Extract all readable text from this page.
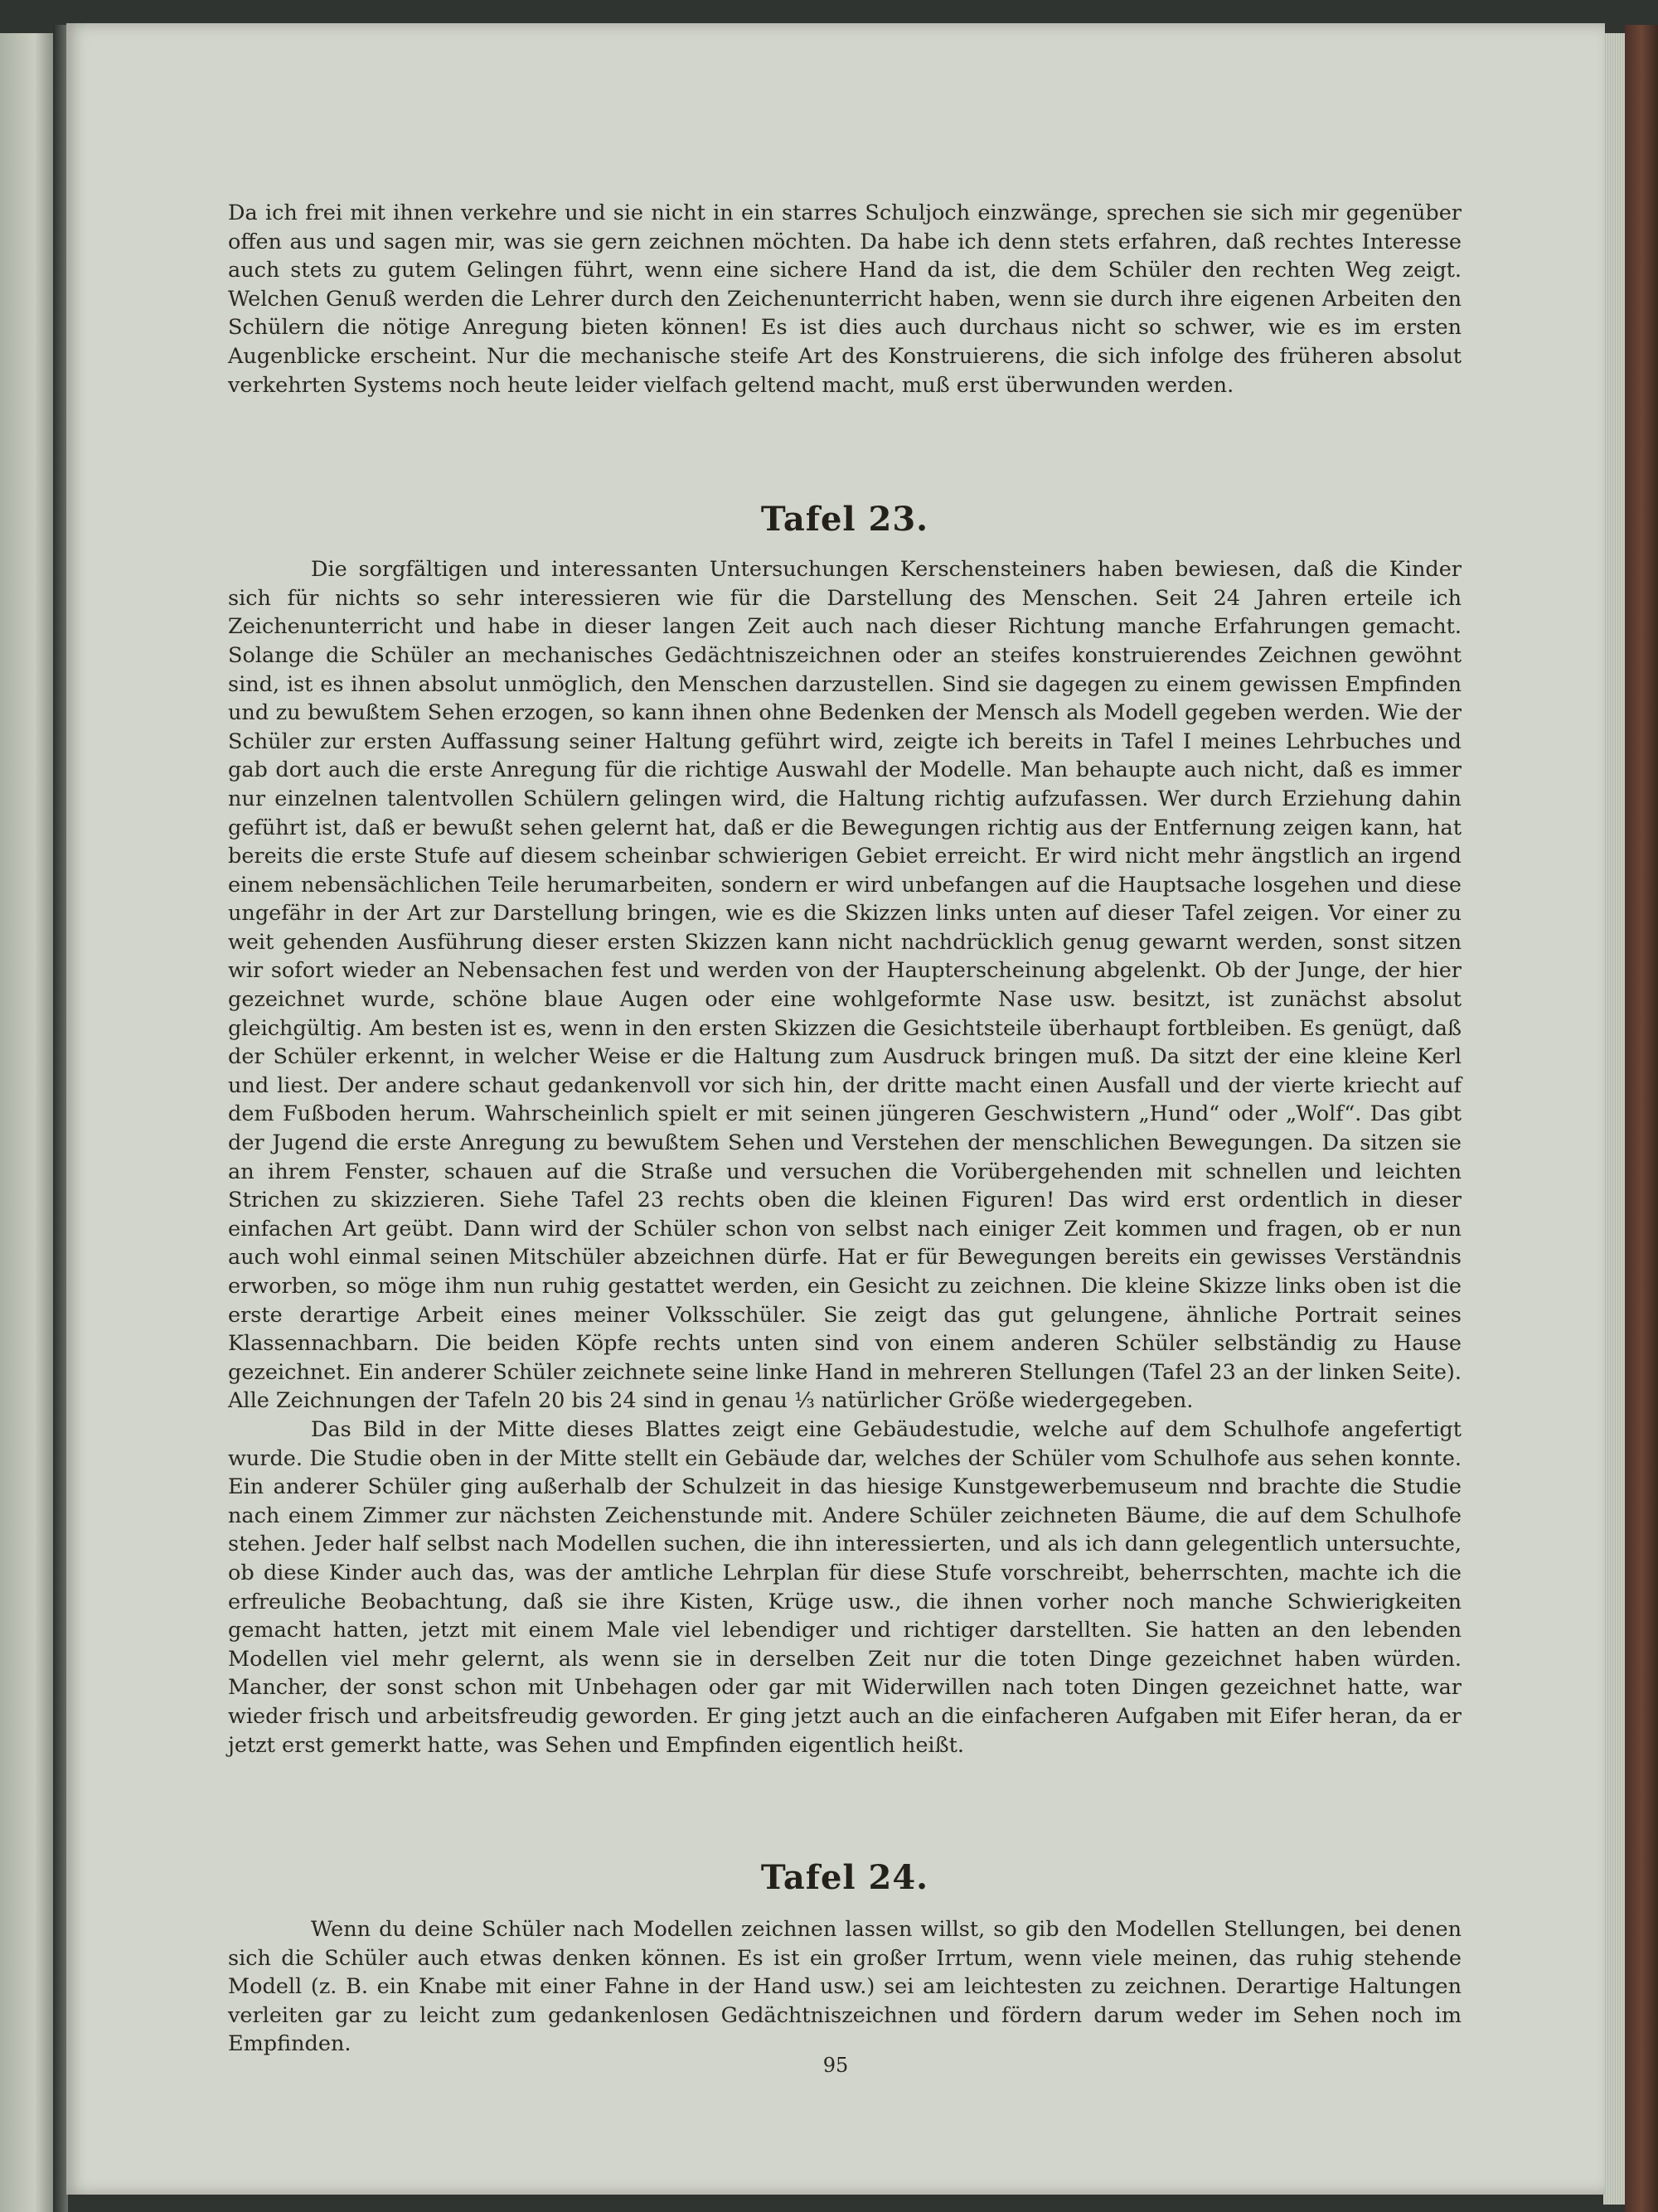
Da ich frei mit ihnen verkehre und sie nicht in ein starres Schuljoch einzwänge, sprechen sie sich mir gegenüber offen aus und sagen mir, was sie gern zeichnen möchten. Da habe ich denn stets erfahren, daß rechtes Interesse auch stets zu gutem Gelingen führt, wenn eine sichere Hand da ist, die dem Schüler den rechten Weg zeigt. Welchen Genuß werden die Lehrer durch den Zeichenunterricht haben, wenn sie durch ihre eigenen Arbeiten den Schülern die nötige Anregung bieten können! Es ist dies auch durchaus nicht so schwer, wie es im ersten Augenblicke erscheint. Nur die mechanische steife Art des Konstruierens, die sich infolge des früheren absolut verkehrten Systems noch heute leider vielfach geltend macht, muß erst überwunden werden.

Tafel 23.

Die sorgfältigen und interessanten Untersuchungen Kerschensteiners haben bewiesen, daß die Kinder sich für nichts so sehr interessieren wie für die Darstellung des Menschen. Seit 24 Jahren erteile ich Zeichenunterricht und habe in dieser langen Zeit auch nach dieser Richtung manche Erfahrungen gemacht. Solange die Schüler an mechanisches Gedächtniszeichnen oder an steifes konstruierendes Zeichnen gewöhnt sind, ist es ihnen absolut unmöglich, den Menschen darzustellen. Sind sie dagegen zu einem gewissen Empfinden und zu bewußtem Sehen erzogen, so kann ihnen ohne Bedenken der Mensch als Modell gegeben werden. Wie der Schüler zur ersten Auffassung seiner Haltung geführt wird, zeigte ich bereits in Tafel I meines Lehrbuches und gab dort auch die erste Anregung für die richtige Auswahl der Modelle. Man behaupte auch nicht, daß es immer nur einzelnen talentvollen Schülern gelingen wird, die Haltung richtig aufzufassen. Wer durch Erziehung dahin geführt ist, daß er bewußt sehen gelernt hat, daß er die Bewegungen richtig aus der Entfernung zeigen kann, hat bereits die erste Stufe auf diesem scheinbar schwierigen Gebiet erreicht. Er wird nicht mehr ängstlich an irgend einem nebensächlichen Teile herumarbeiten, sondern er wird unbefangen auf die Hauptsache losgehen und diese ungefähr in der Art zur Darstellung bringen, wie es die Skizzen links unten auf dieser Tafel zeigen. Vor einer zu weit gehenden Ausführung dieser ersten Skizzen kann nicht nachdrücklich genug gewarnt werden, sonst sitzen wir sofort wieder an Nebensachen fest und werden von der Haupterscheinung abgelenkt. Ob der Junge, der hier gezeichnet wurde, schöne blaue Augen oder eine wohlgeformte Nase usw. besitzt, ist zunächst absolut gleichgültig. Am besten ist es, wenn in den ersten Skizzen die Gesichtsteile überhaupt fortbleiben. Es genügt, daß der Schüler erkennt, in welcher Weise er die Haltung zum Ausdruck bringen muß. Da sitzt der eine kleine Kerl und liest. Der andere schaut gedankenvoll vor sich hin, der dritte macht einen Ausfall und der vierte kriecht auf dem Fußboden herum. Wahrscheinlich spielt er mit seinen jüngeren Geschwistern „Hund“ oder „Wolf“. Das gibt der Jugend die erste Anregung zu bewußtem Sehen und Verstehen der menschlichen Bewegungen. Da sitzen sie an ihrem Fenster, schauen auf die Straße und versuchen die Vorübergehenden mit schnellen und leichten Strichen zu skizzieren. Siehe Tafel 23 rechts oben die kleinen Figuren! Das wird erst ordentlich in dieser einfachen Art geübt. Dann wird der Schüler schon von selbst nach einiger Zeit kommen und fragen, ob er nun auch wohl einmal seinen Mitschüler abzeichnen dürfe. Hat er für Bewegungen bereits ein gewisses Verständnis erworben, so möge ihm nun ruhig gestattet werden, ein Gesicht zu zeichnen. Die kleine Skizze links oben ist die erste derartige Arbeit eines meiner Volksschüler. Sie zeigt das gut gelungene, ähnliche Portrait seines Klassennachbarn. Die beiden Köpfe rechts unten sind von einem anderen Schüler selbständig zu Hause gezeichnet. Ein anderer Schüler zeichnete seine linke Hand in mehreren Stellungen (Tafel 23 an der linken Seite). Alle Zeichnungen der Tafeln 20 bis 24 sind in genau ⅓ natürlicher Größe wiedergegeben.

Das Bild in der Mitte dieses Blattes zeigt eine Gebäudestudie, welche auf dem Schulhofe angefertigt wurde. Die Studie oben in der Mitte stellt ein Gebäude dar, welches der Schüler vom Schulhofe aus sehen konnte. Ein anderer Schüler ging außerhalb der Schulzeit in das hiesige Kunstgewerbemuseum nnd brachte die Studie nach einem Zimmer zur nächsten Zeichenstunde mit. Andere Schüler zeichneten Bäume, die auf dem Schulhofe stehen. Jeder half selbst nach Modellen suchen, die ihn interessierten, und als ich dann gelegentlich untersuchte, ob diese Kinder auch das, was der amtliche Lehrplan für diese Stufe vorschreibt, beherrschten, machte ich die erfreuliche Beobachtung, daß sie ihre Kisten, Krüge usw., die ihnen vorher noch manche Schwierigkeiten gemacht hatten, jetzt mit einem Male viel lebendiger und richtiger darstellten. Sie hatten an den lebenden Modellen viel mehr gelernt, als wenn sie in derselben Zeit nur die toten Dinge gezeichnet haben würden. Mancher, der sonst schon mit Unbehagen oder gar mit Widerwillen nach toten Dingen gezeichnet hatte, war wieder frisch und arbeitsfreudig geworden. Er ging jetzt auch an die einfacheren Aufgaben mit Eifer heran, da er jetzt erst gemerkt hatte, was Sehen und Empfinden eigentlich heißt.

Tafel 24.

Wenn du deine Schüler nach Modellen zeichnen lassen willst, so gib den Modellen Stellungen, bei denen sich die Schüler auch etwas denken können. Es ist ein großer Irrtum, wenn viele meinen, das ruhig stehende Modell (z. B. ein Knabe mit einer Fahne in der Hand usw.) sei am leichtesten zu zeichnen. Derartige Haltungen verleiten gar zu leicht zum gedankenlosen Gedächtniszeichnen und fördern darum weder im Sehen noch im Empfinden.

95
